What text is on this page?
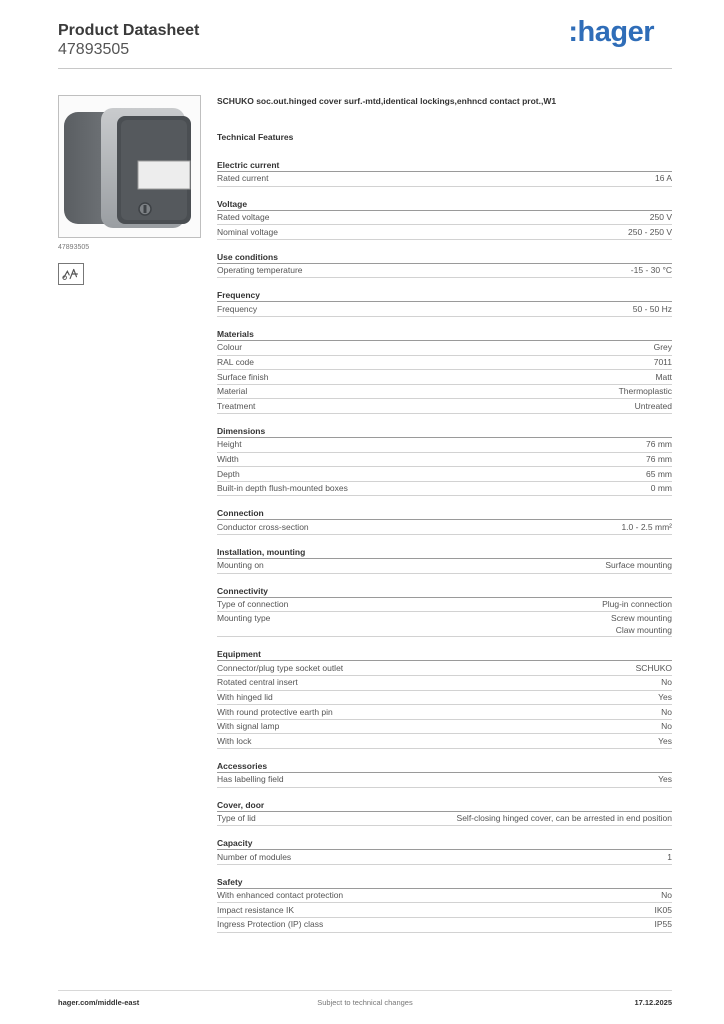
Product Datasheet
47893505
:hager
47893505
SCHUKO soc.out.hinged cover surf.-mtd,identical lockings,enhncd contact prot.,W1
Technical Features
Electric current
Rated current	16 A
Voltage
Rated voltage	250 V
Nominal voltage	250 - 250 V
Use conditions
Operating temperature	-15 - 30 °C
Frequency
Frequency	50 - 50 Hz
Materials
Colour	Grey
RAL code	7011
Surface finish	Matt
Material	Thermoplastic
Treatment	Untreated
Dimensions
Height	76 mm
Width	76 mm
Depth	65 mm
Built-in depth flush-mounted boxes	0 mm
Connection
Conductor cross-section	1.0 - 2.5 mm²
Installation, mounting
Mounting on	Surface mounting
Connectivity
Type of connection	Plug-in connection
Mounting type	Screw mounting
Claw mounting
Equipment
Connector/plug type socket outlet	SCHUKO
Rotated central insert	No
With hinged lid	Yes
With round protective earth pin	No
With signal lamp	No
With lock	Yes
Accessories
Has labelling field	Yes
Cover, door
Type of lid	Self-closing hinged cover, can be arrested in end position
Capacity
Number of modules	1
Safety
With enhanced contact protection	No
Impact resistance IK	IK05
Ingress Protection (IP) class	IP55
hager.com/middle-east	Subject to technical changes	17.12.2025
